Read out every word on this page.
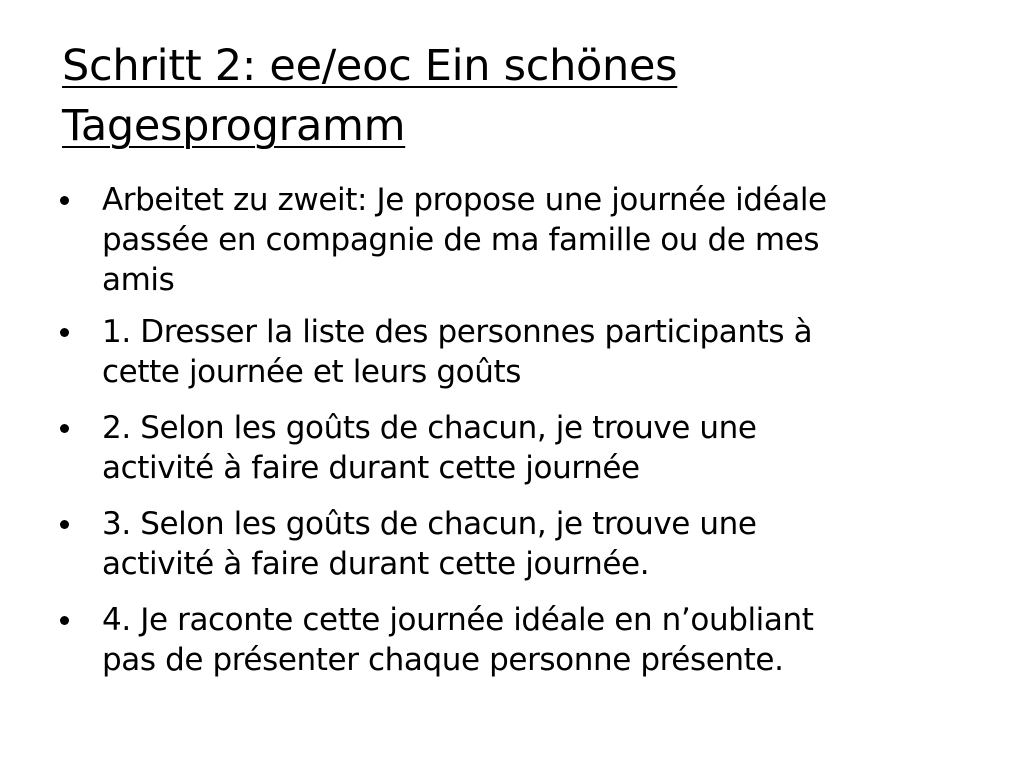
Schritt 2: ee/eoc Ein schönes
Tagesprogramm
Arbeitet zu zweit: Je propose une journée idéale
passée en compagnie de ma famille ou de mes
amis
1. Dresser la liste des personnes participants à
cette journée et leurs goûts
2. Selon les goûts de chacun, je trouve une
activité à faire durant cette journée
3. Selon les goûts de chacun, je trouve une
activité à faire durant cette journée.
4. Je raconte cette journée idéale en n’oubliant
pas de présenter chaque personne présente.
